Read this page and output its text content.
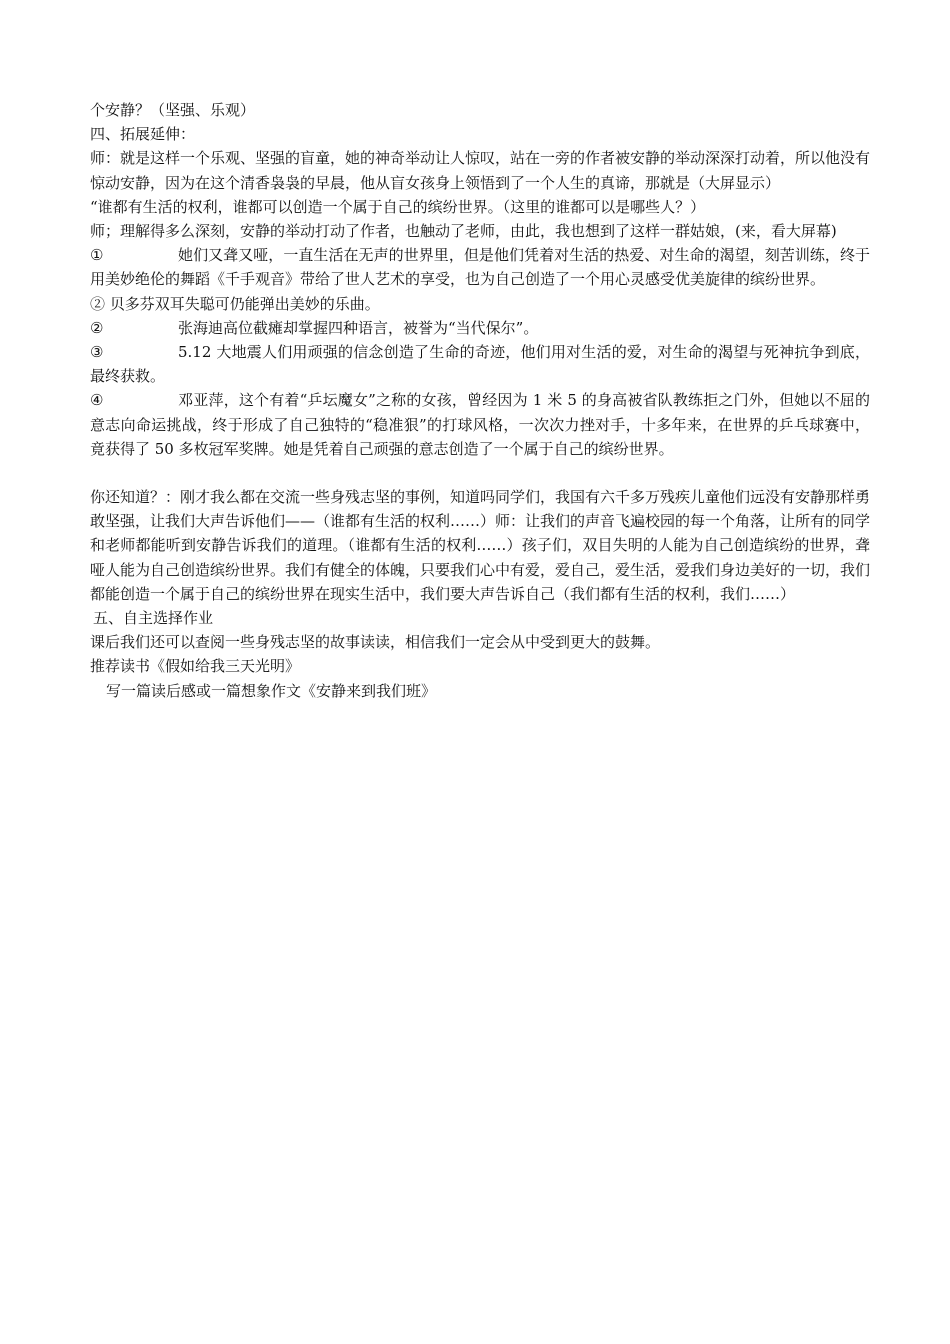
个安静？（坚强、乐观）

四、拓展延伸：

师：就是这样一个乐观、坚强的盲童，她的神奇举动让人惊叹，站在一旁的作者被安静的举动深深打动着，所以他没有惊动安静，因为在这个清香袅袅的早晨，他从盲女孩身上领悟到了一个人生的真谛，那就是（大屏显示）

“谁都有生活的权利，谁都可以创造一个属于自己的缤纷世界。（这里的谁都可以是哪些人？）

师；理解得多么深刻，安静的举动打动了作者，也触动了老师，由此，我也想到了这样一群姑娘，(来，看大屏幕)

①	她们又聋又哑，一直生活在无声的世界里，但是他们凭着对生活的热爱、对生命的渴望，刻苦训练，终于用美妙绝伦的舞蹈《千手观音》带给了世人艺术的享受，也为自己创造了一个用心灵感受优美旋律的缤纷世界。

② 贝多芬双耳失聪可仍能弹出美妙的乐曲。

②	张海迪高位截瘫却掌握四种语言，被誉为“当代保尔”。

③	5.12 大地震人们用顽强的信念创造了生命的奇迹，他们用对生活的爱，对生命的渴望与死神抗争到底，最终获救。

④	邓亚萍，这个有着“乒坛魔女”之称的女孩，曾经因为 1 米 5 的身高被省队教练拒之门外，但她以不屈的意志向命运挑战，终于形成了自己独特的“稳准狠”的打球风格，一次次力挫对手，十多年来，在世界的乒乓球赛中，竟获得了 50 多枚冠军奖牌。她是凭着自己顽强的意志创造了一个属于自己的缤纷世界。

你还知道？：刚才我么都在交流一些身残志坚的事例，知道吗同学们，我国有六千多万残疾儿童他们远没有安静那样勇敢坚强，让我们大声告诉他们——（谁都有生活的权利……）师：让我们的声音飞遍校园的每一个角落，让所有的同学和老师都能听到安静告诉我们的道理。（谁都有生活的权利……）孩子们，双目失明的人能为自己创造缤纷的世界，聋哑人能为自己创造缤纷世界。我们有健全的体魄，只要我们心中有爱，爱自己，爱生活，爱我们身边美好的一切，我们都能创造一个属于自己的缤纷世界在现实生活中，我们要大声告诉自己（我们都有生活的权利，我们……）

五、自主选择作业

课后我们还可以查阅一些身残志坚的故事读读，相信我们一定会从中受到更大的鼓舞。

推荐读书《假如给我三天光明》

写一篇读后感或一篇想象作文《安静来到我们班》
